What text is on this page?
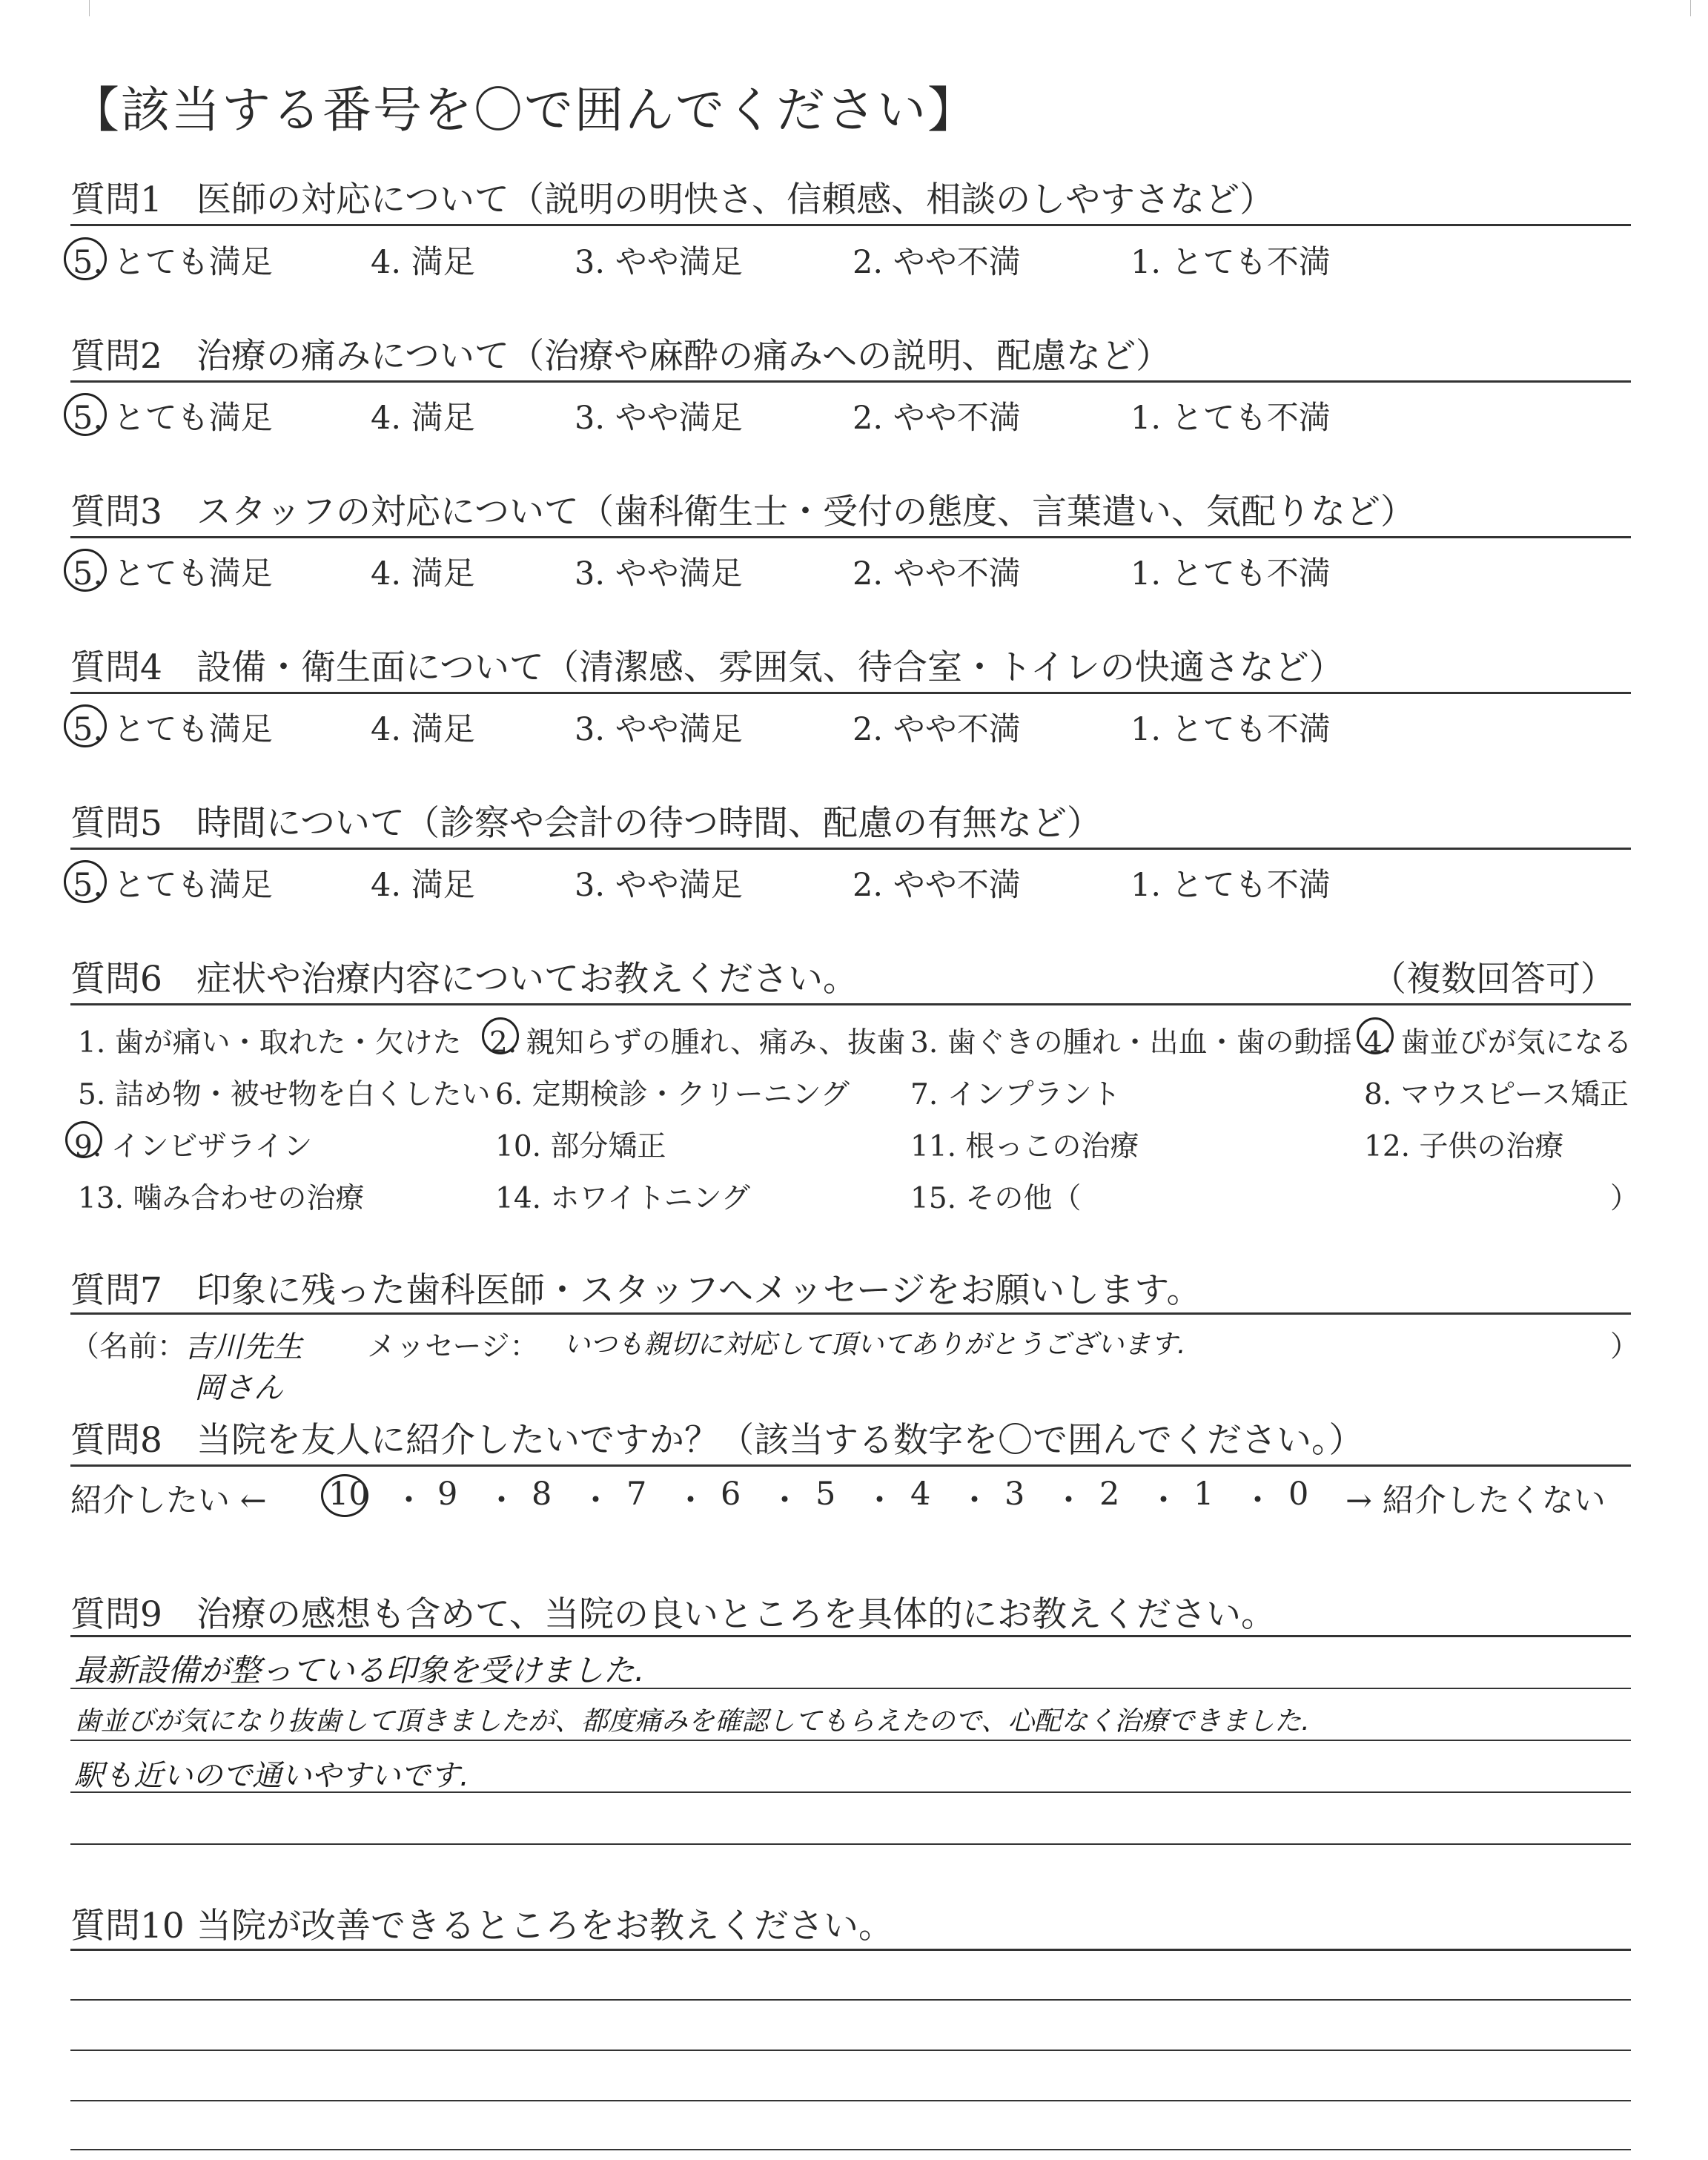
【該当する番号を〇で囲んでください】
質問1 医師の対応について（説明の明快さ、信頼感、相談のしやすさなど）
5. とても満足	4. 満足	3. やや満足	2. やや不満	1. とても不満
質問2 治療の痛みについて（治療や麻酔の痛みへの説明、配慮など）
5. とても満足	4. 満足	3. やや満足	2. やや不満	1. とても不満
質問3 スタッフの対応について（歯科衛生士・受付の態度、言葉遣い、気配りなど）
5. とても満足	4. 満足	3. やや満足	2. やや不満	1. とても不満
質問4 設備・衛生面について（清潔感、雰囲気、待合室・トイレの快適さなど）
5. とても満足	4. 満足	3. やや満足	2. やや不満	1. とても不満
質問5 時間について（診察や会計の待つ時間、配慮の有無など）
5. とても満足	4. 満足	3. やや満足	2. やや不満	1. とても不満
質問6 症状や治療内容についてお教えください。	（複数回答可）
1. 歯が痛い・取れた・欠けた 2. 親知らずの腫れ、痛み、抜歯 3. 歯ぐきの腫れ・出血・歯の動揺 4. 歯並びが気になる
5. 詰め物・被せ物を白くしたい 6. 定期検診・クリーニング 7. インプラント	8. マウスピース矯正
9. インビザライン	10. 部分矯正	11. 根っこの治療	12. 子供の治療
13. 噛み合わせの治療	14. ホワイトニング	15. その他（	）
質問7 印象に残った歯科医師・スタッフへメッセージをお願いします。
（名前：
吉川先生
岡さん
メッセージ： いつも親切に対応して頂いてありがとうございます.	）
質問8 当院を友人に紹介したいですか？（該当する数字を〇で囲んでください。）
紹介したい ← 10 ・ 9 ・ 8 ・ 7 ・ 6 ・ 5 ・ 4 ・ 3 ・ 2 ・ 1 ・ 0 → 紹介したくない
質問9 治療の感想も含めて、当院の良いところを具体的にお教えください。
最新設備が整っている印象を受けました.
歯並びが気になり抜歯して頂きましたが、都度痛みを確認してもらえたので、心配なく治療できました.
駅も近いので通いやすいです.
質問10 当院が改善できるところをお教えください。
